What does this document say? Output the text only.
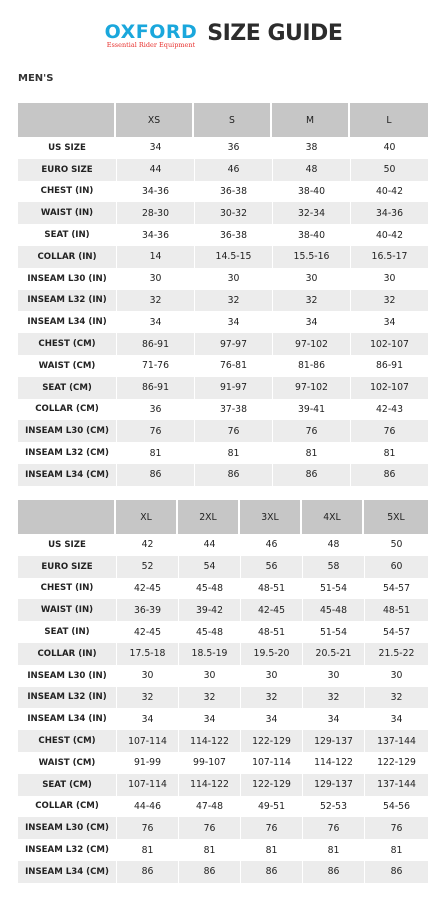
OXFORD
Essential Rider Equipment SIZE GUIDE
MEN'S
	XS	S	M	L
US SIZE	34	36	38	40
EURO SIZE	44	46	48	50
CHEST (IN)	34-36	36-38	38-40	40-42
WAIST (IN)	28-30	30-32	32-34	34-36
SEAT (IN)	34-36	36-38	38-40	40-42
COLLAR (IN)	14	14.5-15	15.5-16	16.5-17
INSEAM L30 (IN)	30	30	30	30
INSEAM L32 (IN)	32	32	32	32
INSEAM L34 (IN)	34	34	34	34
CHEST (CM)	86-91	97-97	97-102	102-107
WAIST (CM)	71-76	76-81	81-86	86-91
SEAT (CM)	86-91	91-97	97-102	102-107
COLLAR (CM)	36	37-38	39-41	42-43
INSEAM L30 (CM)	76	76	76	76
INSEAM L32 (CM)	81	81	81	81
INSEAM L34 (CM)	86	86	86	86
	XL	2XL	3XL	4XL	5XL
US SIZE	42	44	46	48	50
EURO SIZE	52	54	56	58	60
CHEST (IN)	42-45	45-48	48-51	51-54	54-57
WAIST (IN)	36-39	39-42	42-45	45-48	48-51
SEAT (IN)	42-45	45-48	48-51	51-54	54-57
COLLAR (IN)	17.5-18	18.5-19	19.5-20	20.5-21	21.5-22
INSEAM L30 (IN)	30	30	30	30	30
INSEAM L32 (IN)	32	32	32	32	32
INSEAM L34 (IN)	34	34	34	34	34
CHEST (CM)	107-114	114-122	122-129	129-137	137-144
WAIST (CM)	91-99	99-107	107-114	114-122	122-129
SEAT (CM)	107-114	114-122	122-129	129-137	137-144
COLLAR (CM)	44-46	47-48	49-51	52-53	54-56
INSEAM L30 (CM)	76	76	76	76	76
INSEAM L32 (CM)	81	81	81	81	81
INSEAM L34 (CM)	86	86	86	86	86
